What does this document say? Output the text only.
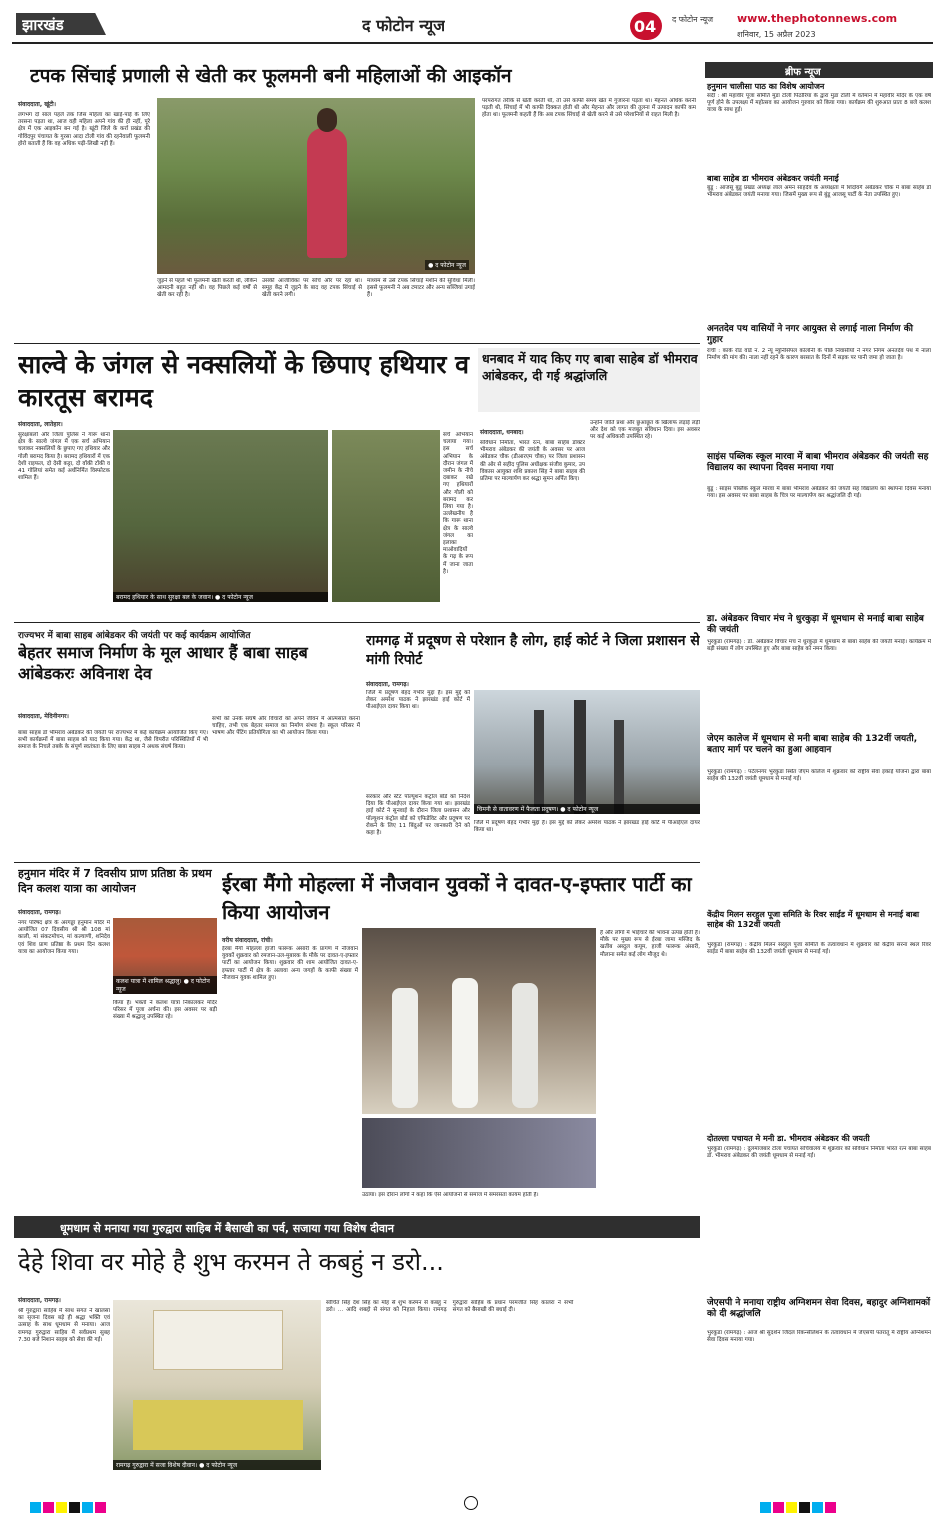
झारखंड	द फोटोन न्यूज	04 द फोटोन न्यूज www.thephotonnews.com
शनिवार, 15 अप्रैल 2023
ब्रीफ न्यूज
हनुमान चालीसा पाठ का विशेष आयोजन
सदी : श्री महावीर पूजा समिति मुंडा टोली पिठोरिया के द्वारा मुंडा टोली में वर्तमान में महावीर मंदिर के एक वर्ष पूर्ण होने के उपलक्ष्य में महोत्सव का आयोजन गुरुवार को किया गया। कार्यक्रम की शुरुआत प्रातः 8 बजे कलश यात्रा के साथ हुई।
बाबा साहेब डा भीमराव अंबेडकर जयंती मनाई
बुंडू : आजसू बुंडू प्रखंड अध्यक्ष लाल अमन साहदेव के अध्यक्षता में शिदोवर्ग अंबेडकर चौक में बाबा साहेब डॉ भीमराव अंबेडकर जयंती मनाया गया। जिसमें मुख्य रूप से बुंडू आजसू पार्टी के नेता उपस्थित हुए।
अनतदेव पथ वासियों ने नगर आयुक्त से लगाई नाला निर्माण की गुहार
रांची : कांके रोड वार्ड न. 2 न्यू म्युनिसिपल कॉलोनी के पीछे निवासीयों ने नगर निगम अनतदेव पथ में नाला निर्माण की मांग की। नाला नहीं रहने के कारण बरसात के दिनों में सड़क पर पानी जमा हो जाता है।
साइंस पब्लिक स्कूल मारवा में बाबा भीमराव अंबेडकर की जयंती सह विद्यालय का स्थापना दिवस मनाया गया
बुंडू : साइंस पब्लिक स्कूल मारवा में बाबा भीमराव अंबेडकर की जयंती सह विद्यालय का स्थापना दिवस मनाया गया। इस अवसर पर बाबा साहब के चित्र पर माल्यार्पण कर श्रद्धांजलि दी गई।
डा. अंबेडकर विचार मंच ने धुरकुड़ा में धूमधाम से मनाई बाबा साहेब की जयंती
भुरकुंडा (रामगढ़) : डॉ. अंबेडकर विचार मंच ने धुरकुड़ा में धूमधाम से बाबा साहेब की जयंती मनाई। कार्यक्रम में बड़ी संख्या में लोग उपस्थित हुए और बाबा साहेब को नमन किया।
जेएम कालेज में धूमधाम से मनी बाबा साहेब की 132वीं जयती, बताए मार्ग पर चलने का हुआ आहवान
भुरकुंडा (रामगढ़) : पटेलनगर भुरकुंडा स्थित जेएम कॉलेज में शुक्रवार को राष्ट्रीय सेवा इकाई योजना द्वारा बाबा साहेब की 132वीं जयंती धूमधाम से मनाई गई।
केंद्रीय मिलन सरहुल पूजा समिति के रिवर साईड में धूमधाम से मनाई बाबा साहेब की 132वीं जयती
भुरकुंडा (रामगढ़) : केंद्रीय मिलन सरहुल पूजा समिति के तत्वावधान में शुक्रवार को केंद्रीय सरना स्थल रिवर साईड में बाबा साहेब की 132वीं जयंती धूमधाम से मनाई गई।
दोतल्ला पचायत मे मनी डा. भीमराव अंबेडकर की जयती
भुरकुंडा (रामगढ़) : दुलमाजबार टोला पंचायत सचिवालय में शुक्रवार को संविधान निर्माता भारत रत्न बाबा साहब डॉ. भीमराव अंबेडकर की जयंती धूमधाम से मनाई गई।
जेएसपी ने मनाया राष्ट्रीय अग्निशमन सेवा दिवस, बहादुर अग्निशामकों को दी श्रद्धांजलि
भुरकुंडा (रामगढ़) : आज श्री सुदर्शन जिंदल रिकन्सीलेशन के तत्वावधान में जेएसपी पतरातू में राष्ट्रीय अग्निशमन सेवा दिवस मनाया गया।
टपक सिंचाई प्रणाली से खेती कर फूलमनी बनी महिलाओं की आइकॉन
संवाददाता, खूंटी।
लगभग दो साल पहले तक जिस महिला का खाई-पाई के लिए तरसना पड़ता था, आज वही महिला अपने गांव की ही नहीं, पूरे क्षेत्र में एक आइकॉन बन गई है। खूंटी जिले के कर्रा प्रखंड की गोविंदपुर पंचायत के गुरसा आदा टोली गांव की रहनेवाली फूलमनी होरो बताती हैं कि वह अधिक पढ़ी-लिखी नहीं हैं।
● द फोटोन न्यूज
परंपरागत तरीके से खेती करती थी, तो उसे काफी समय खेत में गुजारना पड़ता था। मेहनत अधिक करनी पड़ती थी, सिंचाई में भी काफी दिक्कत होती थी और मेहनत और लागत की तुलना में उत्पादन काफी कम होता था। फूलमनी कहती हैं कि अब टपक सिंचाई से खेती करने से उसे परेशानियों से राहत मिली है।
जुड़ने से पहले भी फूलमनी खेती करती थी, लेकिन आमदनी बहुत नहीं थी। वह पिछले कई वर्षों से खेती कर रही है।
उसकी आजीविका पर सोचे और पर रहा था। समूह केंद्र में जुड़ने के बाद वह टपक सिंचाई से खेती करने लगी।
माध्यम से उसे टपक सिंचाई मशीन की सुविधा मिली। इससे फूलमनी ने अब टमाटर और अन्य सब्जियां उगाई हैं।
साल्वे के जंगल से नक्सलियों के छिपाए हथियार व कारतूस बरामद
संवाददाता, लातेहार।
सुरक्षाबलों और जिला पुलिस ने गारू थाना क्षेत्र के साल्वे जंगल में एक सर्च अभियान चलाकर नक्सलियों के छुपाए गए हथियार और गोली बरामद किया है। बरामद हथियारों में एक देशी राइफल, दो देसी कट्टा, दो वॉकी टॉकी व 41 गोलियां समेत कई अर्धनिर्मित विस्फोटक शामिल हैं।
बरामद हथियार के साथ सुरक्षा बल के जवान। ● द फोटोन न्यूज
सर्च अभियान चलाया गया। इस सर्च अभियान के दौरान जंगल में जमीन के नीचे दबाकर रखे गए हथियारों और गोली को बरामद कर लिया गया है। उल्लेखनीय है कि गारू थाना क्षेत्र के साल्वे जंगल का इलाका माओवादियों के गढ़ के रूप में जाना जाता है।
धनबाद में याद किए गए बाबा साहेब डॉ भीमराव आंबेडकर, दी गई श्रद्धांजलि
संवाददाता, धनबाद।
संविधान निर्माता, भारत रत्न, बाबा साहेब डॉक्टर भीमराव अंबेडकर की जयंती के अवसर पर आज अंबेडकर चौक (डीआरएम चौक) पर जिला प्रशासन की ओर से सहीद पुलिस अधीक्षक संजीव कुमार, उप विकास आयुक्त शशि प्रकाश सिंह ने बाबा साहब की प्रतिमा पर माल्यार्पण कर श्रद्धा सुमन अर्पित किए।
उन्होंने जाति प्रथा और छुआछूत के खिलाफ लड़ाई लड़ी और देश को एक मजबूत संविधान दिया। इस अवसर पर कई अधिकारी उपस्थित रहे।
राज्यभर में बाबा साहब आंबेडकर की जयंती पर कई कार्यक्रम आयोजित
बेहतर समाज निर्माण के मूल आधार हैं बाबा साहब आंबेडकरः अविनाश देव
संवाददाता, मेदिनीनगर।
बाबा साहब डॉ भीमराव अंबेडकर की जयंती पर राज्यभर में कई कार्यक्रम आयोजित किए गए। सभी कार्यक्रमों में बाबा साहब को याद किया गया। केंद्र था, जैसे विपरीत परिस्थितियों में भी समाज के निचले तबके के संपूर्ण स्वतंत्रता के लिए बाबा साहब ने अथक संघर्ष किया।
सभी को उनके संघर्ष और विचारों को अपने जीवन में आत्मसात करना चाहिए, तभी एक बेहतर समाज का निर्माण संभव है। स्कूल परिसर में भाषण और पेंटिंग प्रतियोगिता का भी आयोजन किया गया।
रामगढ़ में प्रदूषण से परेशान है लोग, हाई कोर्ट ने जिला प्रशासन से मांगी रिपोर्ट
संवाददाता, रामगढ़।
जिले में प्रदूषण बेहद गंभीर मुद्दा है। इस मुद्दे को लेकर अमरेश पाठक ने झारखंड हाई कोर्ट में पीआईएल दायर किया था।
सरकार और स्टेट पॉल्यूशन कंट्रोल बोर्ड को निर्देश दिया कि पीआईएल दायर किया गया था। झारखंड हाई कोर्ट ने सुनवाई के दौरान जिला प्रशासन और पॉल्यूशन कंट्रोल बोर्ड को एफिडेविट और प्रदूषण पर रोकने के लिए 11 बिंदुओं पर जानकारी देने को कहा है।
चिमनी से वातावरण में फैलता प्रदूषण। ● द फोटोन न्यूज
जिले में प्रदूषण बेहद गंभीर मुद्दा है। इस मुद्दे को लेकर अमरेश पाठक ने झारखंड हाई कोर्ट में पीआईएल दायर किया था।
हनुमान मंदिर में 7 दिवसीय प्राण प्रतिष्ठा के प्रथम दिन कलश यात्रा का आयोजन
संवाददाता, रामगढ़।
नगर परिषद क्षेत्र के अरगड्डा हनुमान मंदिर में आयोजित 07 दिवसीय श्री श्री 108 मां काली, मां संकटमोचन, मां कल्याणी, शनिदेव एवं शिव प्राण प्रतिष्ठा के प्रथम दिन कलश यात्रा का आयोजन किया गया।
कलश यात्रा में शामिल श्रद्धालु। ● द फोटोन न्यूज
किया है। भक्तों ने कलश यात्रा निकालकर मंदिर परिसर में पूजा अर्चना की। इस अवसर पर बड़ी संख्या में श्रद्धालु उपस्थित रहे।
ईरबा मैंगो मोहल्ला में नौजवान युवकों ने दावत-ए-इफ्तार पार्टी का किया आयोजन
वरीय संवाददाता, रांची।
ईरबा मैंगो मोहल्ला हाजी फारूक अंसारी के प्रांगण में नौजवान युवकों शुक्रवार को रमजान-उल-मुबारक के मौके पर दावत-ए-इफ्तार पार्टी का आयोजन किया। शुक्रवार की शाम आयोजित दावत-ए-इफ्तार पार्टी में क्षेत्र के अलावा अन्य जगहों के काफी संख्या में नौजवान युवक शामिल हुए।
उठाया। इस दौरान लोगों ने कहा कि ऐसे आयोजनों से समाज में समरसता कायम होती है।
है और लोगों में भाईचारे की भावना उत्पन्न होती है। मौके पर मुख्य रूप से ईरबा जामा मस्जिद के खतीब अब्दुल कयूम, हाजी फारूक अंसारी, मौलाना समेत कई लोग मौजूद थे।
धूमधाम से मनाया गया गुरुद्वारा साहिब में बैसाखी का पर्व, सजाया गया विशेष दीवान
देहे शिवा वर मोहे है शुभ करमन ते कबहुं न डरो...
संवाददाता, रामगढ़।
श्री गुरुद्वारा साहिब में साथ संगत ने खालसा का सृजना दिवस बड़े ही श्रद्धा भक्ति एवं उत्साह के साथ धूमधाम से मनाया। आज रामगढ़ गुरुद्वारा साहिब में सर्वप्रथम सुबह 7.30 बजे निशान साहब को सेवा की गई।
रामगढ़ गुरुद्वारा में सजा विशेष दीवान। ● द फोटोन न्यूज
सोचित सिंह देश सिंह का मोह से शुभ करमन से कबहु न डरो। ... आदि शबद्दो से संगत को निहाल किया। रामगढ़ गुरुद्वारा साहिब के प्रधान परमजीत सिंह कालरा ने सभी संगत को बैसाखी की बधाई दी।
